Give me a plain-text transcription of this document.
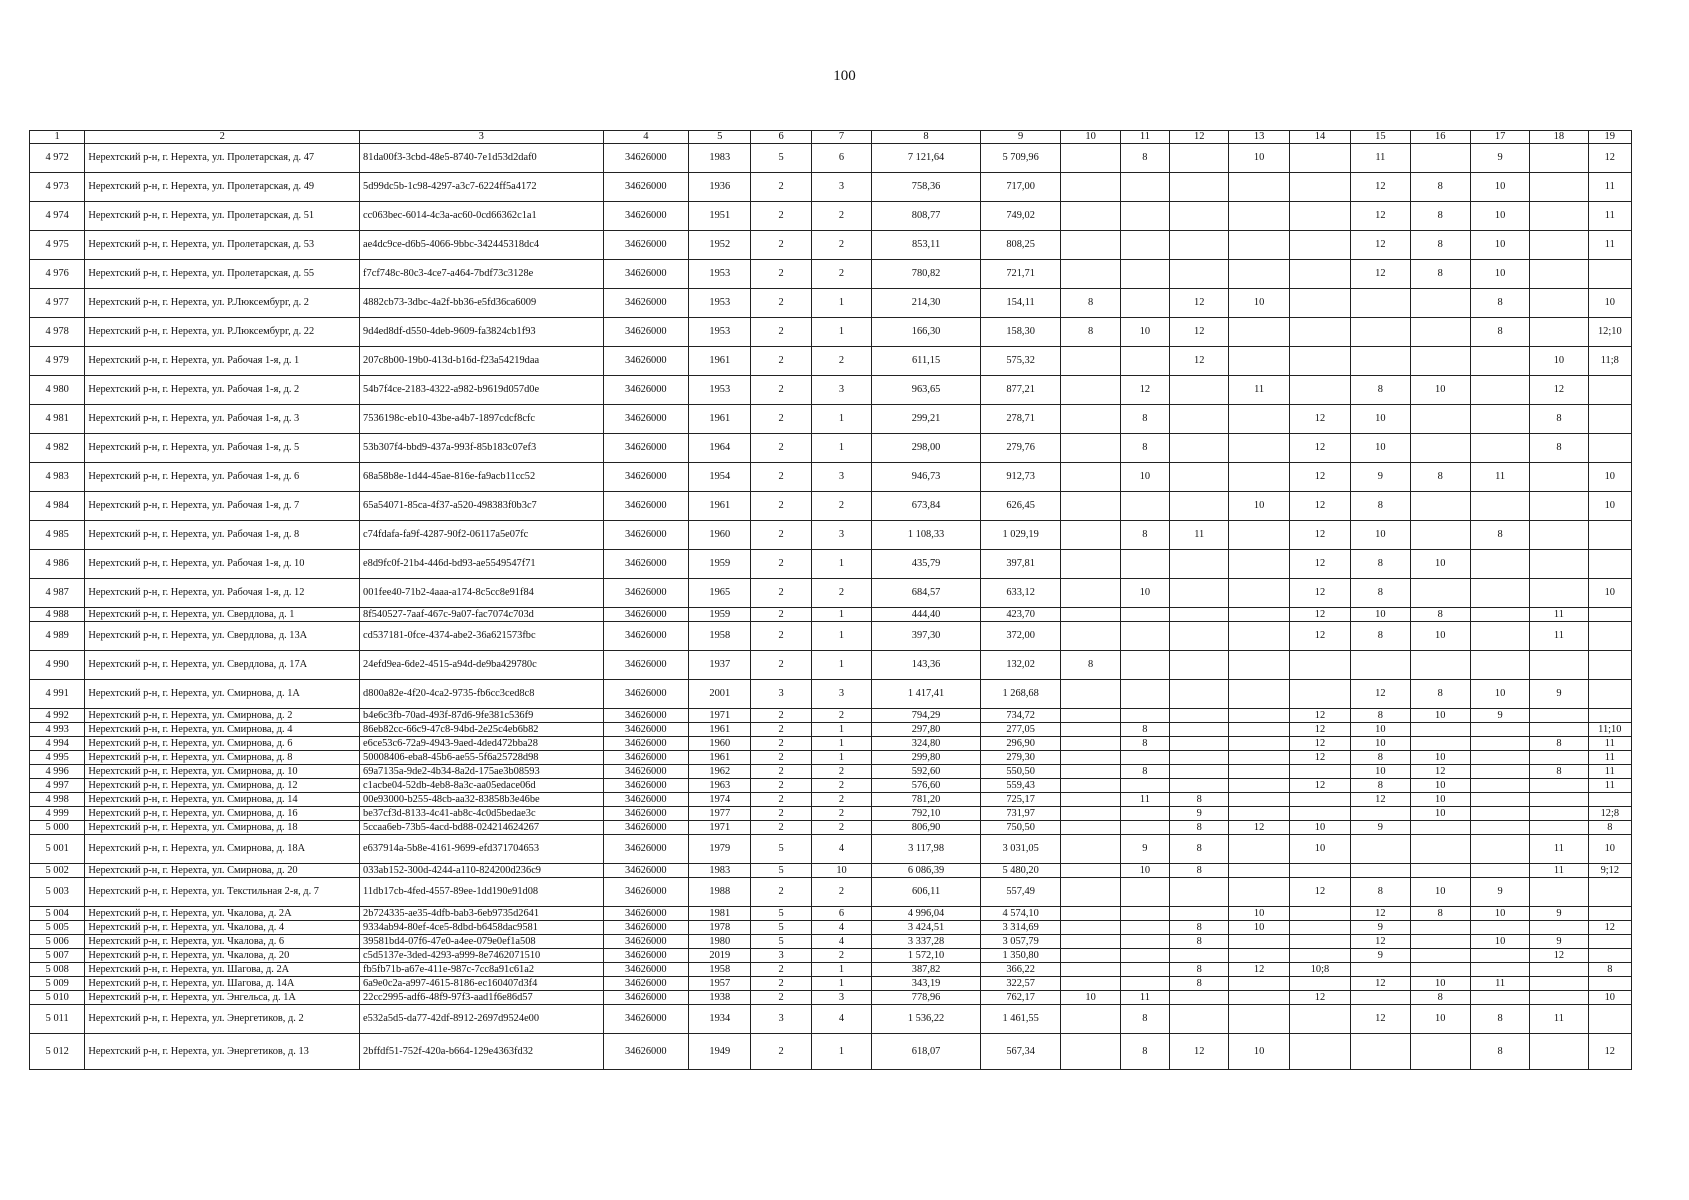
100
1	2	3	4	5	6	7	8	9	10	11	12	13	14	15	16	17	18	19
4 972	Нерехтский р-н, г. Нерехта, ул. Пролетарская, д. 47	81da00f3-3cbd-48e5-8740-7e1d53d2daf0	34626000	1983	5	6	7 121,64	5 709,96		8		10		11		9		12
4 973	Нерехтский р-н, г. Нерехта, ул. Пролетарская, д. 49	5d99dc5b-1c98-4297-a3c7-6224ff5a4172	34626000	1936	2	3	758,36	717,00						12	8	10		11
4 974	Нерехтский р-н, г. Нерехта, ул. Пролетарская, д. 51	cc063bec-6014-4c3a-ac60-0cd66362c1a1	34626000	1951	2	2	808,77	749,02						12	8	10		11
4 975	Нерехтский р-н, г. Нерехта, ул. Пролетарская, д. 53	ae4dc9ce-d6b5-4066-9bbc-342445318dc4	34626000	1952	2	2	853,11	808,25						12	8	10		11
4 976	Нерехтский р-н, г. Нерехта, ул. Пролетарская, д. 55	f7cf748c-80c3-4ce7-a464-7bdf73c3128e	34626000	1953	2	2	780,82	721,71						12	8	10		
4 977	Нерехтский р-н, г. Нерехта, ул. Р.Люксембург, д. 2	4882cb73-3dbc-4a2f-bb36-e5fd36ca6009	34626000	1953	2	1	214,30	154,11	8		12	10				8		10
4 978	Нерехтский р-н, г. Нерехта, ул. Р.Люксембург, д. 22	9d4ed8df-d550-4deb-9609-fa3824cb1f93	34626000	1953	2	1	166,30	158,30	8	10	12					8		12;10
4 979	Нерехтский р-н, г. Нерехта, ул. Рабочая 1-я, д. 1	207c8b00-19b0-413d-b16d-f23a54219daa	34626000	1961	2	2	611,15	575,32			12						10	11;8
4 980	Нерехтский р-н, г. Нерехта, ул. Рабочая 1-я, д. 2	54b7f4ce-2183-4322-a982-b9619d057d0e	34626000	1953	2	3	963,65	877,21		12		11		8	10		12	
4 981	Нерехтский р-н, г. Нерехта, ул. Рабочая 1-я, д. 3	7536198c-eb10-43be-a4b7-1897cdcf8cfc	34626000	1961	2	1	299,21	278,71		8			12	10			8	
4 982	Нерехтский р-н, г. Нерехта, ул. Рабочая 1-я, д. 5	53b307f4-bbd9-437a-993f-85b183c07ef3	34626000	1964	2	1	298,00	279,76		8			12	10			8	
4 983	Нерехтский р-н, г. Нерехта, ул. Рабочая 1-я, д. 6	68a58b8e-1d44-45ae-816e-fa9acb11cc52	34626000	1954	2	3	946,73	912,73		10			12	9	8	11		10
4 984	Нерехтский р-н, г. Нерехта, ул. Рабочая 1-я, д. 7	65a54071-85ca-4f37-a520-498383f0b3c7	34626000	1961	2	2	673,84	626,45				10	12	8				10
4 985	Нерехтский р-н, г. Нерехта, ул. Рабочая 1-я, д. 8	c74fdafa-fa9f-4287-90f2-06117a5e07fc	34626000	1960	2	3	1 108,33	1 029,19		8	11		12	10		8		
4 986	Нерехтский р-н, г. Нерехта, ул. Рабочая 1-я, д. 10	e8d9fc0f-21b4-446d-bd93-ae5549547f71	34626000	1959	2	1	435,79	397,81					12	8	10			
4 987	Нерехтский р-н, г. Нерехта, ул. Рабочая 1-я, д. 12	001fee40-71b2-4aaa-a174-8c5cc8e91f84	34626000	1965	2	2	684,57	633,12		10			12	8				10
4 988	Нерехтский р-н, г. Нерехта, ул. Свердлова, д. 1	8f540527-7aaf-467c-9a07-fac7074c703d	34626000	1959	2	1	444,40	423,70					12	10	8		11	
4 989	Нерехтский р-н, г. Нерехта, ул. Свердлова, д. 13А	cd537181-0fce-4374-abe2-36a621573fbc	34626000	1958	2	1	397,30	372,00					12	8	10		11	
4 990	Нерехтский р-н, г. Нерехта, ул. Свердлова, д. 17А	24efd9ea-6de2-4515-a94d-de9ba429780c	34626000	1937	2	1	143,36	132,02	8									
4 991	Нерехтский р-н, г. Нерехта, ул. Смирнова, д. 1А	d800a82e-4f20-4ca2-9735-fb6cc3ced8c8	34626000	2001	3	3	1 417,41	1 268,68						12	8	10	9	
4 992	Нерехтский р-н, г. Нерехта, ул. Смирнова, д. 2	b4e6c3fb-70ad-493f-87d6-9fe381c536f9	34626000	1971	2	2	794,29	734,72					12	8	10	9		
4 993	Нерехтский р-н, г. Нерехта, ул. Смирнова, д. 4	86eb82cc-66c9-47c8-94bd-2e25c4eb6b82	34626000	1961	2	1	297,80	277,05		8			12	10				11;10
4 994	Нерехтский р-н, г. Нерехта, ул. Смирнова, д. 6	e6ce53c6-72a9-4943-9aed-4ded472bba28	34626000	1960	2	1	324,80	296,90		8			12	10			8	11
4 995	Нерехтский р-н, г. Нерехта, ул. Смирнова, д. 8	50008406-eba8-45b6-ae55-5f6a25728d98	34626000	1961	2	1	299,80	279,30					12	8	10			11
4 996	Нерехтский р-н, г. Нерехта, ул. Смирнова, д. 10	69a7135a-9de2-4b34-8a2d-175ae3b08593	34626000	1962	2	2	592,60	550,50		8				10	12		8	11
4 997	Нерехтский р-н, г. Нерехта, ул. Смирнова, д. 12	c1acbe04-52db-4eb8-8a3c-aa05edace06d	34626000	1963	2	2	576,60	559,43					12	8	10			11
4 998	Нерехтский р-н, г. Нерехта, ул. Смирнова, д. 14	00e93000-b255-48cb-aa32-83858b3e46be	34626000	1974	2	2	781,20	725,17		11	8			12	10			
4 999	Нерехтский р-н, г. Нерехта, ул. Смирнова, д. 16	be37cf3d-8133-4c41-ab8c-4c0d5bedae3c	34626000	1977	2	2	792,10	731,97			9				10			12;8
5 000	Нерехтский р-н, г. Нерехта, ул. Смирнова, д. 18	5ccaa6eb-73b5-4acd-bd88-024214624267	34626000	1971	2	2	806,90	750,50			8	12	10	9				8
5 001	Нерехтский р-н, г. Нерехта, ул. Смирнова, д. 18А	e637914a-5b8e-4161-9699-efd371704653	34626000	1979	5	4	3 117,98	3 031,05		9	8		10				11	10
5 002	Нерехтский р-н, г. Нерехта, ул. Смирнова, д. 20	033ab152-300d-4244-a110-824200d236c9	34626000	1983	5	10	6 086,39	5 480,20		10	8						11	9;12
5 003	Нерехтский р-н, г. Нерехта, ул. Текстильная 2-я, д. 7	11db17cb-4fed-4557-89ee-1dd190e91d08	34626000	1988	2	2	606,11	557,49					12	8	10	9		
5 004	Нерехтский р-н, г. Нерехта, ул. Чкалова, д. 2А	2b724335-ae35-4dfb-bab3-6eb9735d2641	34626000	1981	5	6	4 996,04	4 574,10				10		12	8	10	9	
5 005	Нерехтский р-н, г. Нерехта, ул. Чкалова, д. 4	9334ab94-80ef-4ce5-8dbd-b6458dac9581	34626000	1978	5	4	3 424,51	3 314,69			8	10		9				12
5 006	Нерехтский р-н, г. Нерехта, ул. Чкалова, д. 6	39581bd4-07f6-47e0-a4ee-079e0ef1a508	34626000	1980	5	4	3 337,28	3 057,79			8			12		10	9	
5 007	Нерехтский р-н, г. Нерехта, ул. Чкалова, д. 20	c5d5137e-3ded-4293-a999-8e7462071510	34626000	2019	3	2	1 572,10	1 350,80						9			12	
5 008	Нерехтский р-н, г. Нерехта, ул. Шагова, д. 2А	fb5fb71b-a67e-411e-987c-7cc8a91c61a2	34626000	1958	2	1	387,82	366,22			8	12	10;8					8
5 009	Нерехтский р-н, г. Нерехта, ул. Шагова, д. 14А	6a9e0c2a-a997-4615-8186-ec160407d3f4	34626000	1957	2	1	343,19	322,57			8			12	10	11		
5 010	Нерехтский р-н, г. Нерехта, ул. Энгельса, д. 1А	22cc2995-adf6-48f9-97f3-aad1f6e86d57	34626000	1938	2	3	778,96	762,17	10	11			12		8			10
5 011	Нерехтский р-н, г. Нерехта, ул. Энергетиков, д. 2	e532a5d5-da77-42df-8912-2697d9524e00	34626000	1934	3	4	1 536,22	1 461,55		8				12	10	8	11	
5 012	Нерехтский р-н, г. Нерехта, ул. Энергетиков, д. 13	2bffdf51-752f-420a-b664-129e4363fd32	34626000	1949	2	1	618,07	567,34		8	12	10				8		12
